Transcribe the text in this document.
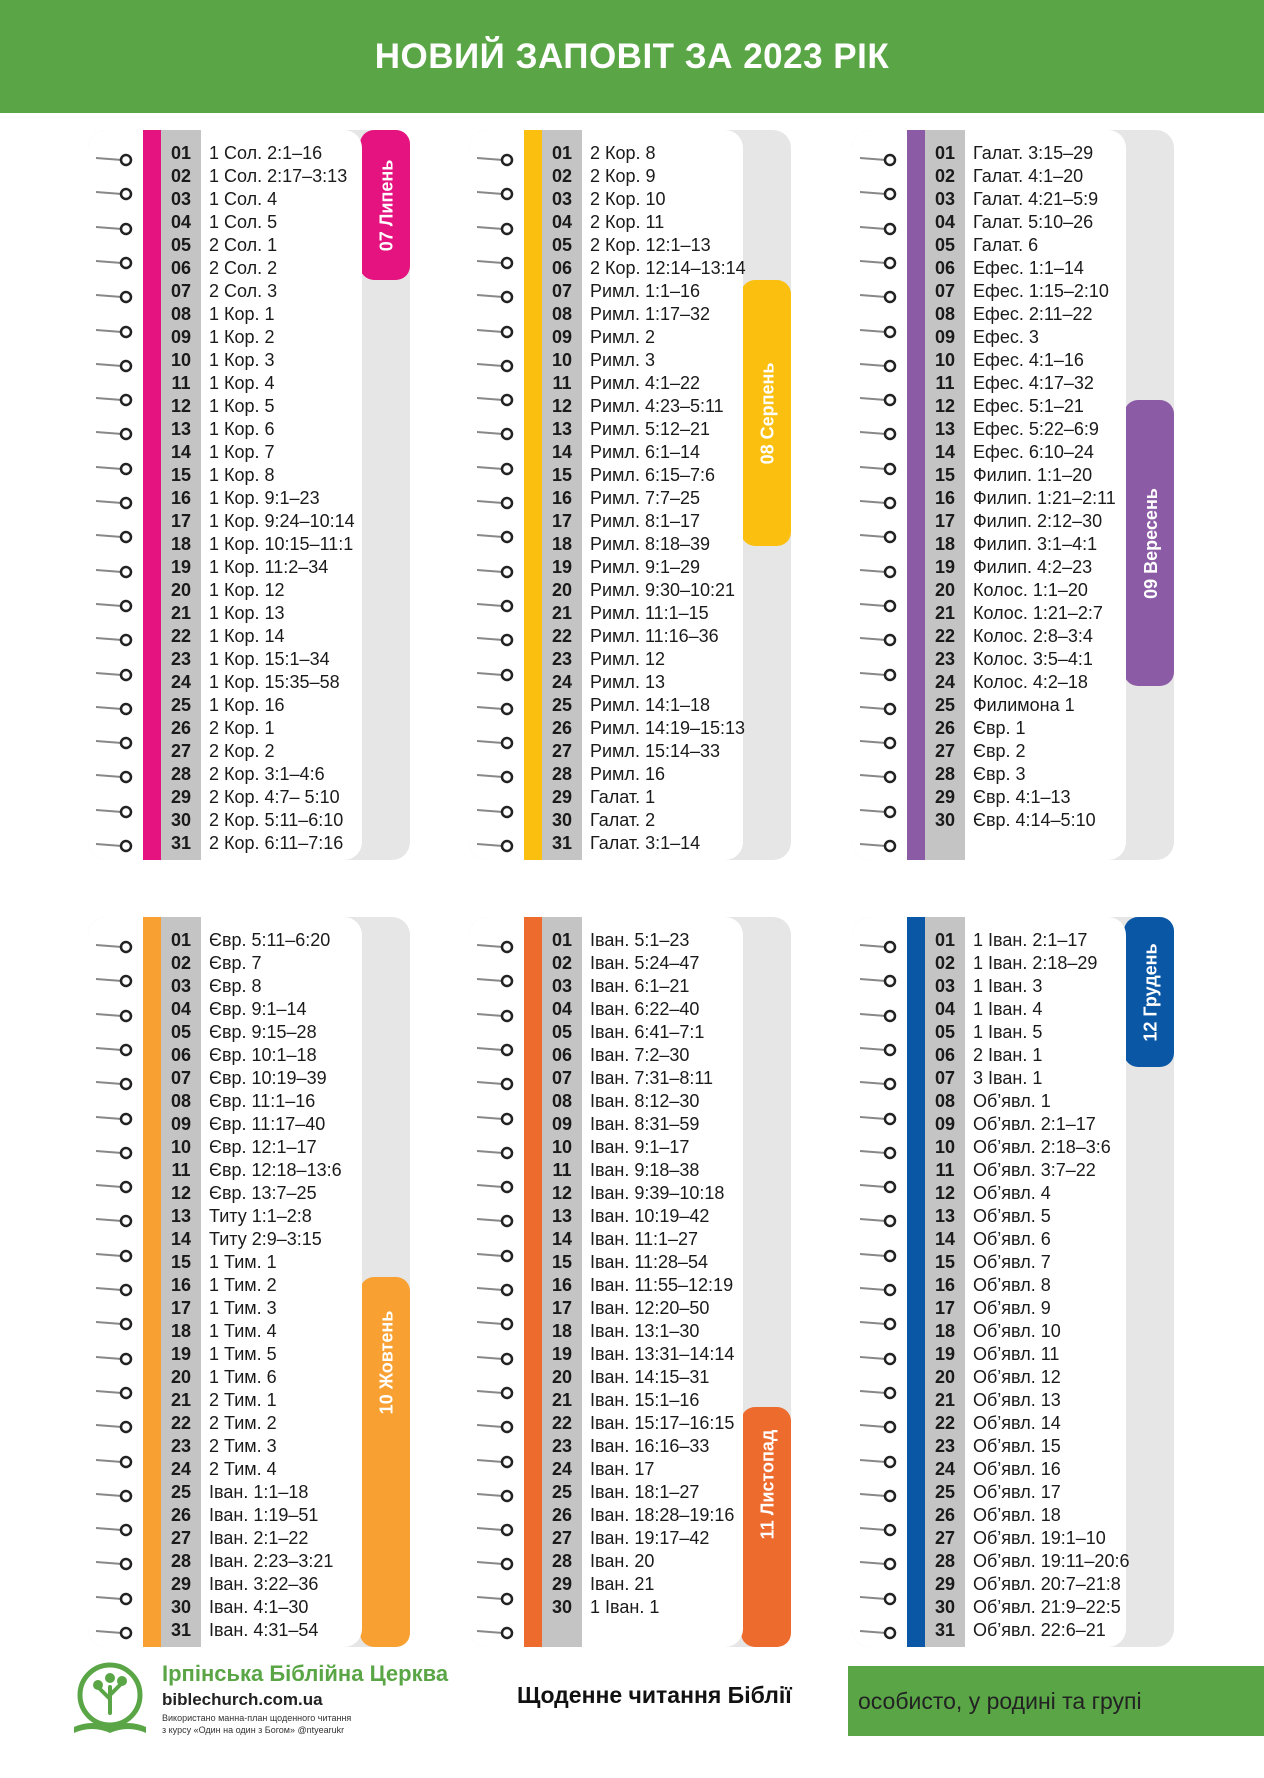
НОВИЙ ЗАПОВІТ ЗА 2023 РІК
07 Липень
01 1 Сол. 2:1–16
02 1 Сол. 2:17–3:13
03 1 Сол. 4
04 1 Сол. 5
05 2 Сол. 1
06 2 Сол. 2
07 2 Сол. 3
08 1 Кор. 1
09 1 Кор. 2
10 1 Кор. 3
11	1 Кор. 4
12 1 Кор. 5
13 1 Кор. 6
14 1 Кор. 7
15 1 Кор. 8
16 1 Кор. 9:1–23
17 1 Кор. 9:24–10:14
18 1 Кор. 10:15–11:1
19 1 Кор. 11:2–34
20 1 Кор. 12
21 1 Кор. 13
22 1 Кор. 14
23 1 Кор. 15:1–34
24 1 Кор. 15:35–58
25 1 Кор. 16
26 2 Кор. 1
27 2 Кор. 2
28 2 Кор. 3:1–4:6
29 2 Кор. 4:7– 5:10
30 2 Кор. 5:11–6:10
31 2 Кор. 6:11–7:16
08 Серпень
01 2 Кор. 8
02 2 Кор. 9
03 2 Кор. 10
04 2 Кор. 11
05 2 Кор. 12:1–13
06 2 Кор. 12:14–13:14
07 Римл. 1:1–16
08 Римл. 1:17–32
09 Римл. 2
10 Римл. 3
11	Римл. 4:1–22
12 Римл. 4:23–5:11
13 Римл. 5:12–21
14 Римл. 6:1–14
15 Римл. 6:15–7:6
16 Римл. 7:7–25
17 Римл. 8:1–17
18 Римл. 8:18–39
19 Римл. 9:1–29
20 Римл. 9:30–10:21
21 Римл. 11:1–15
22 Римл. 11:16–36
23 Римл. 12
24 Римл. 13
25 Римл. 14:1–18
26 Римл. 14:19–15:13
27 Римл. 15:14–33
28 Римл. 16
29 Галат. 1
30 Галат. 2
31 Галат. 3:1–14
09 Вересень
01 Галат. 3:15–29
02 Галат. 4:1–20
03 Галат. 4:21–5:9
04 Галат. 5:10–26
05 Галат. 6
06 Ефес. 1:1–14
07 Ефес. 1:15–2:10
08 Ефес. 2:11–22
09 Ефес. 3
10 Ефес. 4:1–16
11	Ефес. 4:17–32
12 Ефес. 5:1–21
13 Ефес. 5:22–6:9
14 Ефес. 6:10–24
15 Филип. 1:1–20
16 Филип. 1:21–2:11
17 Филип. 2:12–30
18 Филип. 3:1–4:1
19 Филип. 4:2–23
20 Колос. 1:1–20
21 Колос. 1:21–2:7
22 Колос. 2:8–3:4
23 Колос. 3:5–4:1
24 Колос. 4:2–18
25 Филимона 1
26 Євр. 1
27 Євр. 2
28 Євр. 3
29 Євр. 4:1–13
30 Євр. 4:14–5:10
10 Жовтень
01 Євр. 5:11–6:20
02 Євр. 7
03 Євр. 8
04 Євр. 9:1–14
05 Євр. 9:15–28
06 Євр. 10:1–18
07 Євр. 10:19–39
08 Євр. 11:1–16
09 Євр. 11:17–40
10 Євр. 12:1–17
11	Євр. 12:18–13:6
12 Євр. 13:7–25
13 Титу 1:1–2:8
14 Титу 2:9–3:15
15 1 Тим. 1
16 1 Тим. 2
17 1 Тим. 3
18 1 Тим. 4
19 1 Тим. 5
20 1 Тим. 6
21 2 Тим. 1
22 2 Тим. 2
23 2 Тим. 3
24 2 Тим. 4
25 Іван. 1:1–18
26 Іван. 1:19–51
27 Іван. 2:1–22
28 Іван. 2:23–3:21
29 Іван. 3:22–36
30 Іван. 4:1–30
31 Іван. 4:31–54
11 Листопад
01 Іван. 5:1–23
02 Іван. 5:24–47
03 Іван. 6:1–21
04 Іван. 6:22–40
05 Іван. 6:41–7:1
06 Іван. 7:2–30
07 Іван. 7:31–8:11
08 Іван. 8:12–30
09 Іван. 8:31–59
10 Іван. 9:1–17
11	Іван. 9:18–38
12 Іван. 9:39–10:18
13 Іван. 10:19–42
14 Іван. 11:1–27
15 Іван. 11:28–54
16 Іван. 11:55–12:19
17 Іван. 12:20–50
18 Іван. 13:1–30
19 Іван. 13:31–14:14
20 Іван. 14:15–31
21 Іван. 15:1–16
22 Іван. 15:17–16:15
23 Іван. 16:16–33
24 Іван. 17
25 Іван. 18:1–27
26 Іван. 18:28–19:16
27 Іван. 19:17–42
28 Іван. 20
29 Іван. 21
30 1 Іван. 1
12 Грудень
01 1 Іван. 2:1–17
02 1 Іван. 2:18–29
03 1 Іван. 3
04 1 Іван. 4
05 1 Іван. 5
06 2 Іван. 1
07 3 Іван. 1
08 Об’явл. 1
09 Об’явл. 2:1–17
10 Об’явл. 2:18–3:6
11	Об’явл. 3:7–22
12 Об’явл. 4
13 Об’явл. 5
14 Об’явл. 6
15 Об’явл. 7
16 Об’явл. 8
17 Об’явл. 9
18 Об’явл. 10
19 Об’явл. 11
20 Об’явл. 12
21 Об’явл. 13
22 Об’явл. 14
23 Об’явл. 15
24 Об’явл. 16
25 Об’явл. 17
26 Об’явл. 18
27 Об’явл. 19:1–10
28 Об’явл. 19:11–20:6
29 Об’явл. 20:7–21:8
30 Об’явл. 21:9–22:5
31 Об’явл. 22:6–21
Ірпінська Біблійна Церква
biblechurch.com.ua
Використано манна-план щоденного читання
з курсу «Один на один з Богом» @ntyearukr
Щоденне читання Біблії	особисто, у родині та групі
